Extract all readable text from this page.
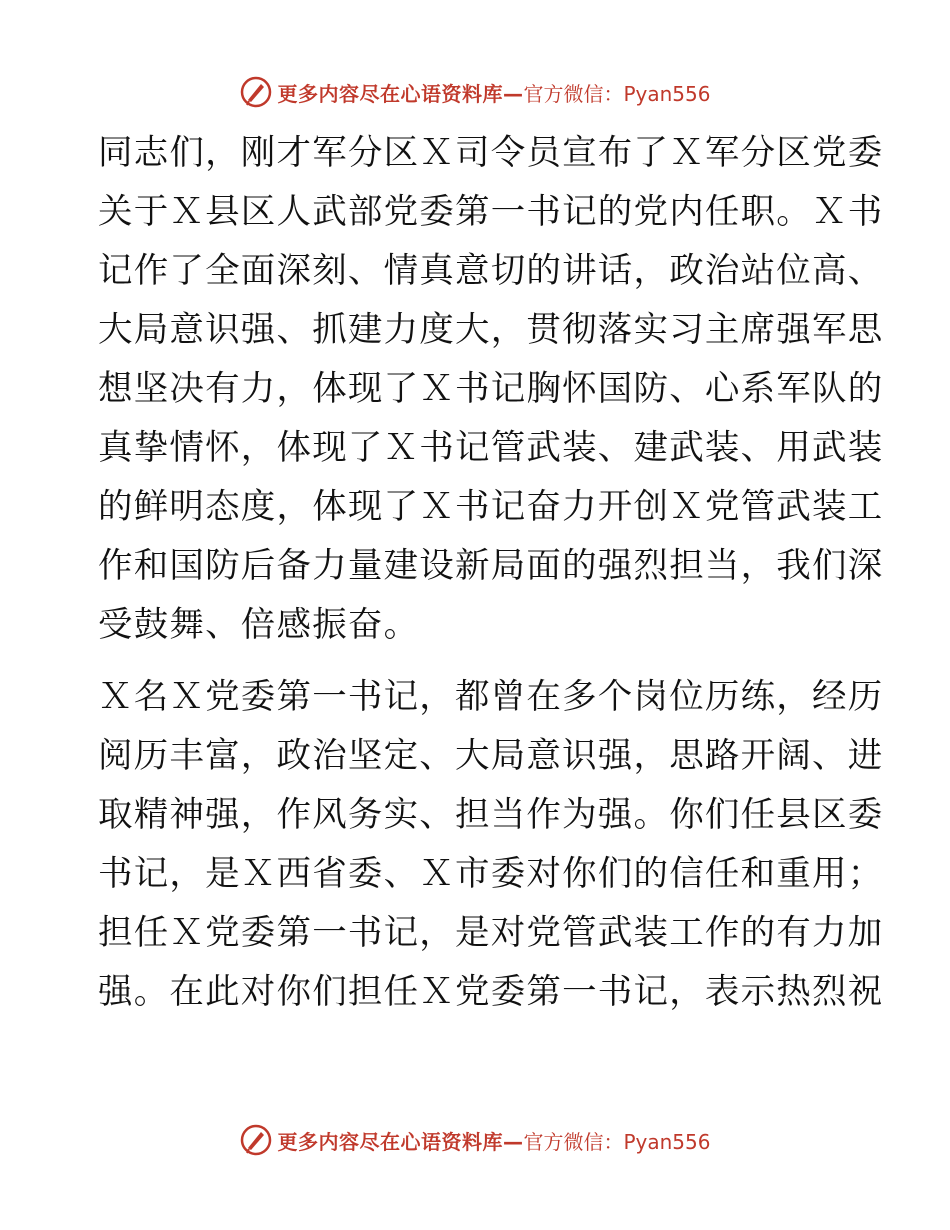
更多内容尽在心语资料库— 官方微信：Pyan556
同志们，刚才军分区Ｘ司令员宣布了Ｘ军分区党委
关于Ｘ县区人武部党委第一书记的党内任职。Ｘ书
记作了全面深刻、情真意切的讲话，政治站位高、
大局意识强、抓建力度大，贯彻落实习主席强军思
想坚决有力，体现了Ｘ书记胸怀国防、心系军队的
真挚情怀，体现了Ｘ书记管武装、建武装、用武装
的鲜明态度，体现了Ｘ书记奋力开创Ｘ党管武装工
作和国防后备力量建设新局面的强烈担当，我们深
受鼓舞、倍感振奋。
Ｘ名Ｘ党委第一书记，都曾在多个岗位历练，经历
阅历丰富，政治坚定、大局意识强，思路开阔、进
取精神强，作风务实、担当作为强。你们任县区委
书记，是Ｘ西省委、Ｘ市委对你们的信任和重用；
担任Ｘ党委第一书记，是对党管武装工作的有力加
强。在此对你们担任Ｘ党委第一书记，表示热烈祝
更多内容尽在心语资料库— 官方微信：Pyan556
